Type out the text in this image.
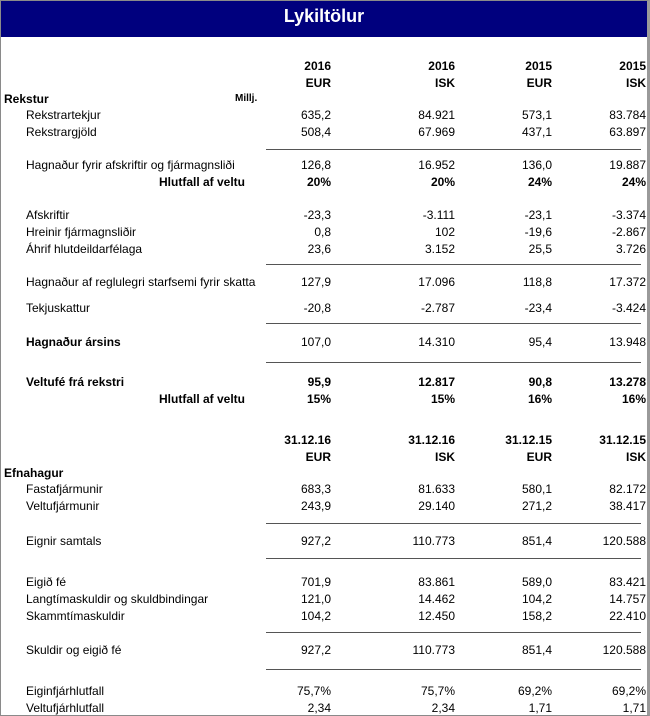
Lykiltölur
2016	2016	2015	2015
EUR	ISK	EUR	ISK
Rekstur	Millj.
Rekstrartekjur	635,2	84.921	573,1	83.784
Rekstrargjöld	508,4	67.969	437,1	63.897
Hagnaður fyrir afskriftir og fjármagnsliði	126,8	16.952	136,0	19.887
Hlutfall af veltu	20%	20%	24%	24%
Afskriftir	-23,3	-3.111	-23,1	-3.374
Hreinir fjármagnsliðir	0,8	102	-19,6	-2.867
Áhrif hlutdeildarfélaga	23,6	3.152	25,5	3.726
Hagnaður af reglulegri starfsemi fyrir skatta	127,9	17.096	118,8	17.372
Tekjuskattur	-20,8	-2.787	-23,4	-3.424
Hagnaður ársins	107,0	14.310	95,4	13.948
Veltufé frá rekstri	95,9	12.817	90,8	13.278
Hlutfall af veltu	15%	15%	16%	16%
31.12.16	31.12.16	31.12.15	31.12.15
EUR	ISK	EUR	ISK
Efnahagur
Fastafjármunir	683,3	81.633	580,1	82.172
Veltufjármunir	243,9	29.140	271,2	38.417
Eignir samtals	927,2	110.773	851,4	120.588
Eigið fé	701,9	83.861	589,0	83.421
Langtímaskuldir og skuldbindingar	121,0	14.462	104,2	14.757
Skammtímaskuldir	104,2	12.450	158,2	22.410
Skuldir og eigið fé	927,2	110.773	851,4	120.588
Eiginfjárhlutfall	75,7%	75,7%	69,2%	69,2%
Veltufjárhlutfall	2,34	2,34	1,71	1,71
